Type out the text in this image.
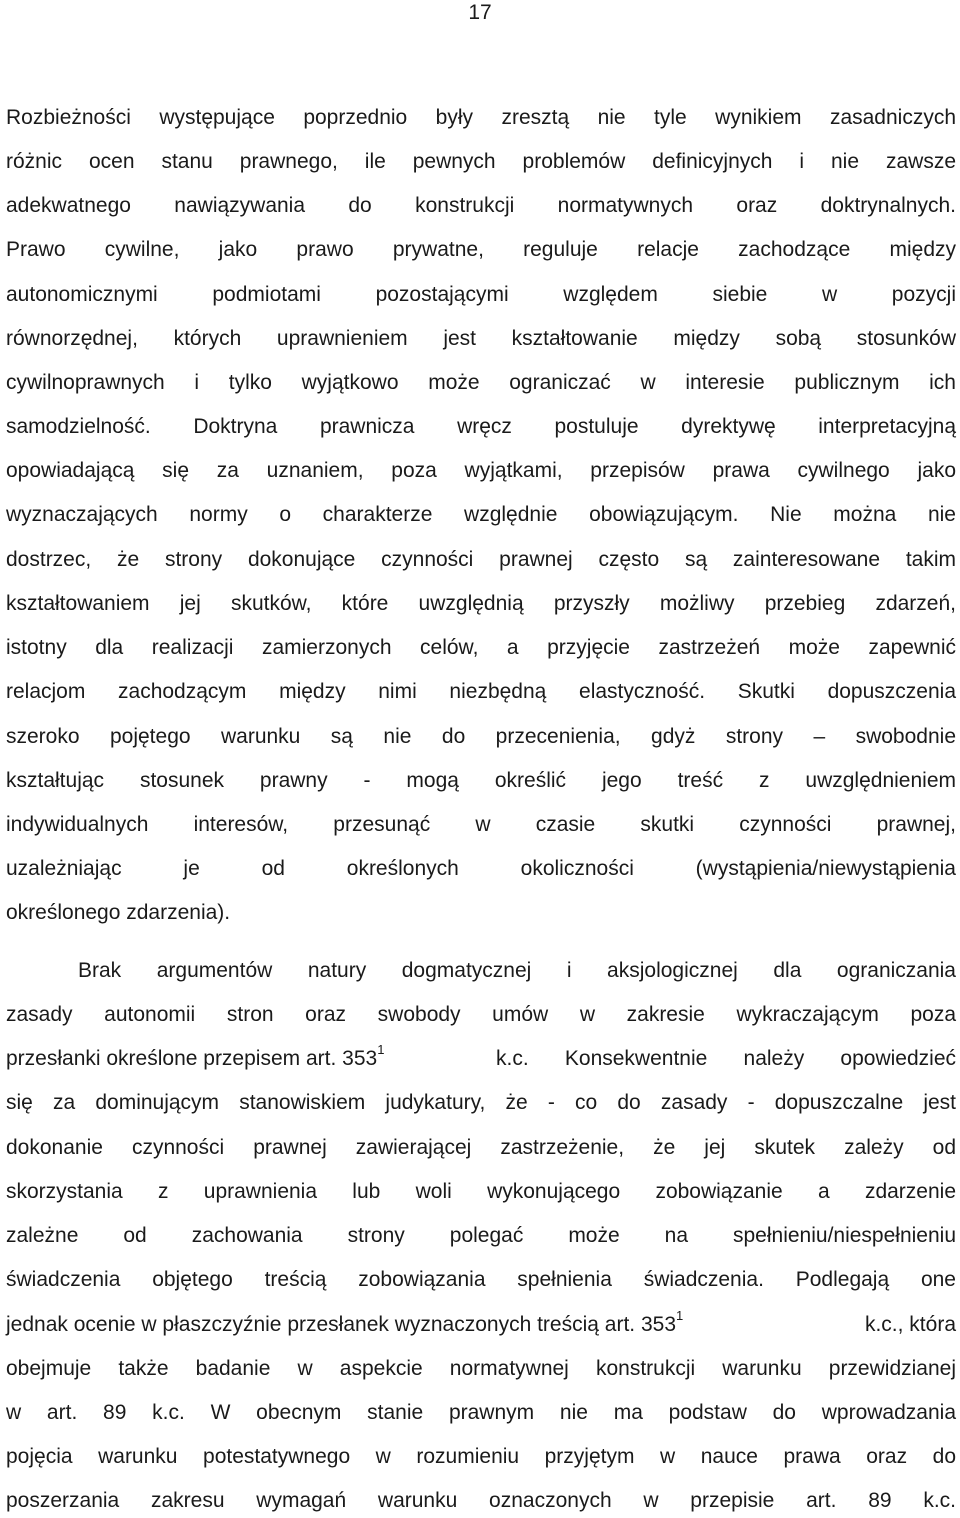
17
Rozbieżności występujące poprzednio były zresztą nie tyle wynikiem zasadniczych
różnic ocen stanu prawnego, ile pewnych problemów definicyjnych i nie zawsze
adekwatnego nawiązywania do konstrukcji normatywnych oraz doktrynalnych.
Prawo cywilne, jako prawo prywatne, reguluje relacje zachodzące między
autonomicznymi podmiotami pozostającymi względem siebie w pozycji
równorzędnej, których uprawnieniem jest kształtowanie między sobą stosunków
cywilnoprawnych i tylko wyjątkowo może ograniczać w interesie publicznym ich
samodzielność. Doktryna prawnicza wręcz postuluje dyrektywę interpretacyjną
opowiadającą się za uznaniem, poza wyjątkami, przepisów prawa cywilnego jako
wyznaczających normy o charakterze względnie obowiązującym. Nie można nie
dostrzec, że strony dokonujące czynności prawnej często są zainteresowane takim
kształtowaniem jej skutków, które uwzględnią przyszły możliwy przebieg zdarzeń,
istotny dla realizacji zamierzonych celów, a przyjęcie zastrzeżeń może zapewnić
relacjom zachodzącym między nimi niezbędną elastyczność. Skutki dopuszczenia
szeroko pojętego warunku są nie do przecenienia, gdyż strony – swobodnie
kształtując stosunek prawny - mogą określić jego treść z uwzględnieniem
indywidualnych interesów, przesunąć w czasie skutki czynności prawnej,
uzależniając je od określonych okoliczności (wystąpienia/niewystąpienia
określonego zdarzenia).
Brak argumentów natury dogmatycznej i aksjologicznej dla ograniczania
zasady autonomii stron oraz swobody umów w zakresie wykraczającym poza
przesłanki określone przepisem art. $353^1$	k.c. Konsekwentnie należy opowiedzieć
się za dominującym stanowiskiem judykatury, że - co do zasady - dopuszczalne jest
dokonanie czynności prawnej zawierającej zastrzeżenie, że jej skutek zależy od
skorzystania z uprawnienia lub woli wykonującego zobowiązanie a zdarzenie
zależne od zachowania strony polegać może na spełnieniu/niespełnieniu
świadczenia objętego treścią zobowiązania spełnienia świadczenia. Podlegają one
jednak ocenie w płaszczyźnie przesłanek wyznaczonych treścią art. $353^1$	k.c., która
obejmuje także badanie w aspekcie normatywnej konstrukcji warunku przewidzianej
w art. 89 k.c. W obecnym stanie prawnym nie ma podstaw do wprowadzania
pojęcia warunku potestatywnego w rozumieniu przyjętym w nauce prawa oraz do
poszerzania zakresu wymagań warunku oznaczonych w przepisie art. 89 k.c.
